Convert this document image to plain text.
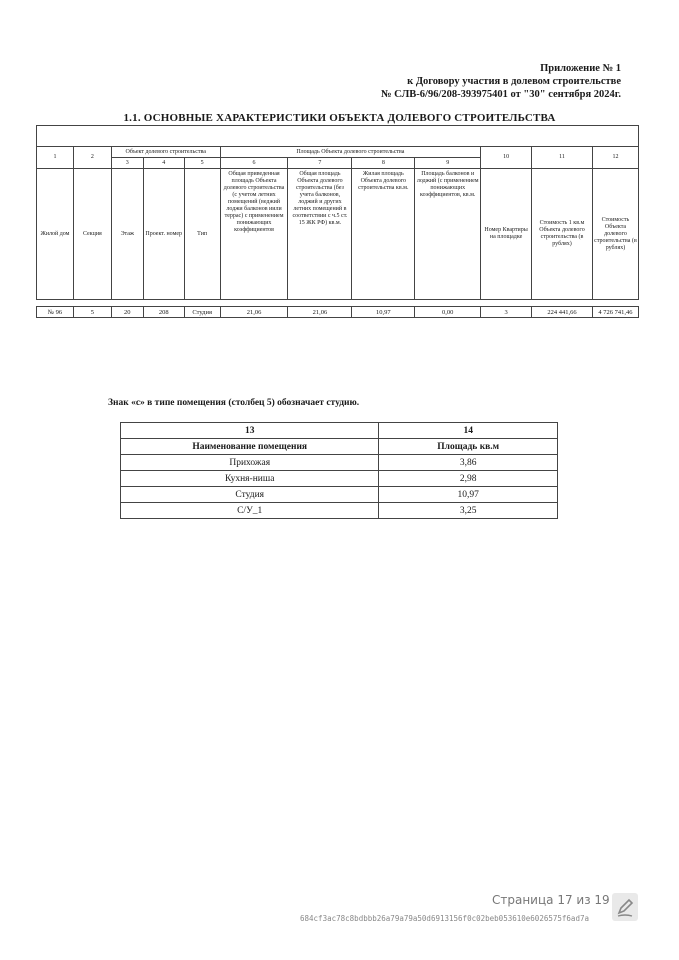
Приложение № 1
к Договору участия в долевом строительстве
№ СЛВ-6/96/208-393975401 от "30" сентября 2024г.
1.1. ОСНОВНЫЕ ХАРАКТЕРИСТИКИ ОБЪЕКТА ДОЛЕВОГО СТРОИТЕЛЬСТВА

1	2	Объект долевого строительства			Площадь Объекта долевого строительства				10	11	12
		3	4	5	6	7	8	9			
Жилой дом	Секция	Этаж	Проект. номер	Тип	Общая приведенная площадь Объекта долевого строительства (с учетом летних помещений (веджий лоджи балконов иили террас) с применением понижающих коэффициентов	Общая площадь Объекта долевого строительства (без учета балконов, лоджий и других летних помещений в соответствии с ч.5 ст. 15 ЖК РФ) кв.м.	Жилая площадь Объекта долевого строительства кв.м.	Площадь балконов и лоджий (с применением понижающих коэффициентов, кв.м.	Номер Квартиры на площадке	Стоимость 1 кв.м Объекта долевого строительства (в рублях)	Стоимость Объекта долевого строительства (в рублях)

№ 96	5	20	208	Студия	21,06	21,06	10,97	0,00	3	224 441,66	4 726 741,46
Знак «с» в типе помещения (столбец 5) обозначает студию.
13	14
Наименование помещения	Площадь кв.м
Прихожая	3,86
Кухня-ниша	2,98
Студия	10,97
С/У_1	3,25
Страница 17 из 19
684cf3ac78c8bdbbb26a79a79a50d6913156f0c02beb053610e6026575f6ad7a
